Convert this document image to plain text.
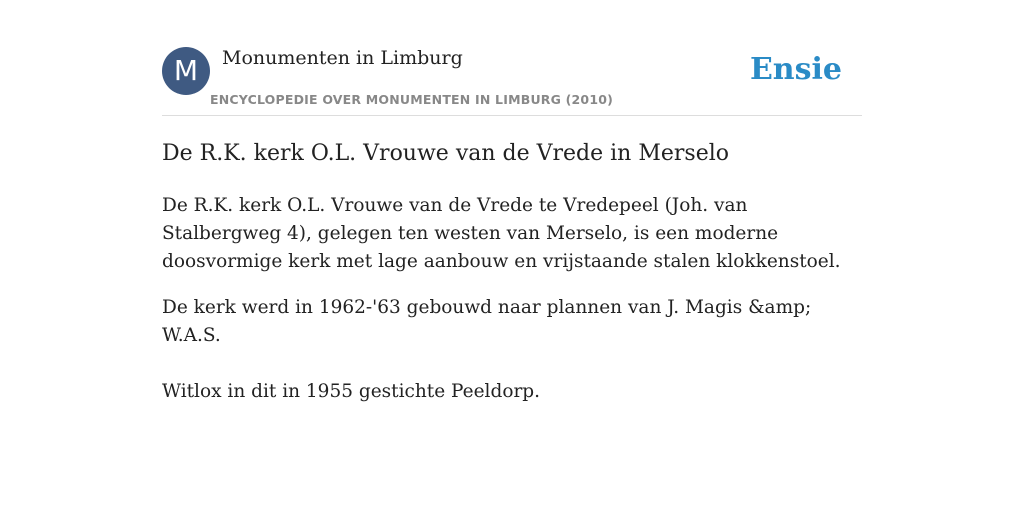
M	Monumenten in Limburg
ENCYCLOPEDIE OVER MONUMENTEN IN LIMBURG (2010)
Ensie
De R.K. kerk O.L. Vrouwe van de Vrede in Merselo

De R.K. kerk O.L. Vrouwe van de Vrede te Vredepeel (Joh. van Stalbergweg 4), gelegen ten westen van Merselo, is een moderne doosvormige kerk met lage aanbouw en vrijstaande stalen klokkenstoel.

De kerk werd in 1962-'63 gebouwd naar plannen van J. Magis &amp; W.A.S.

Witlox in dit in 1955 gestichte Peeldorp.
